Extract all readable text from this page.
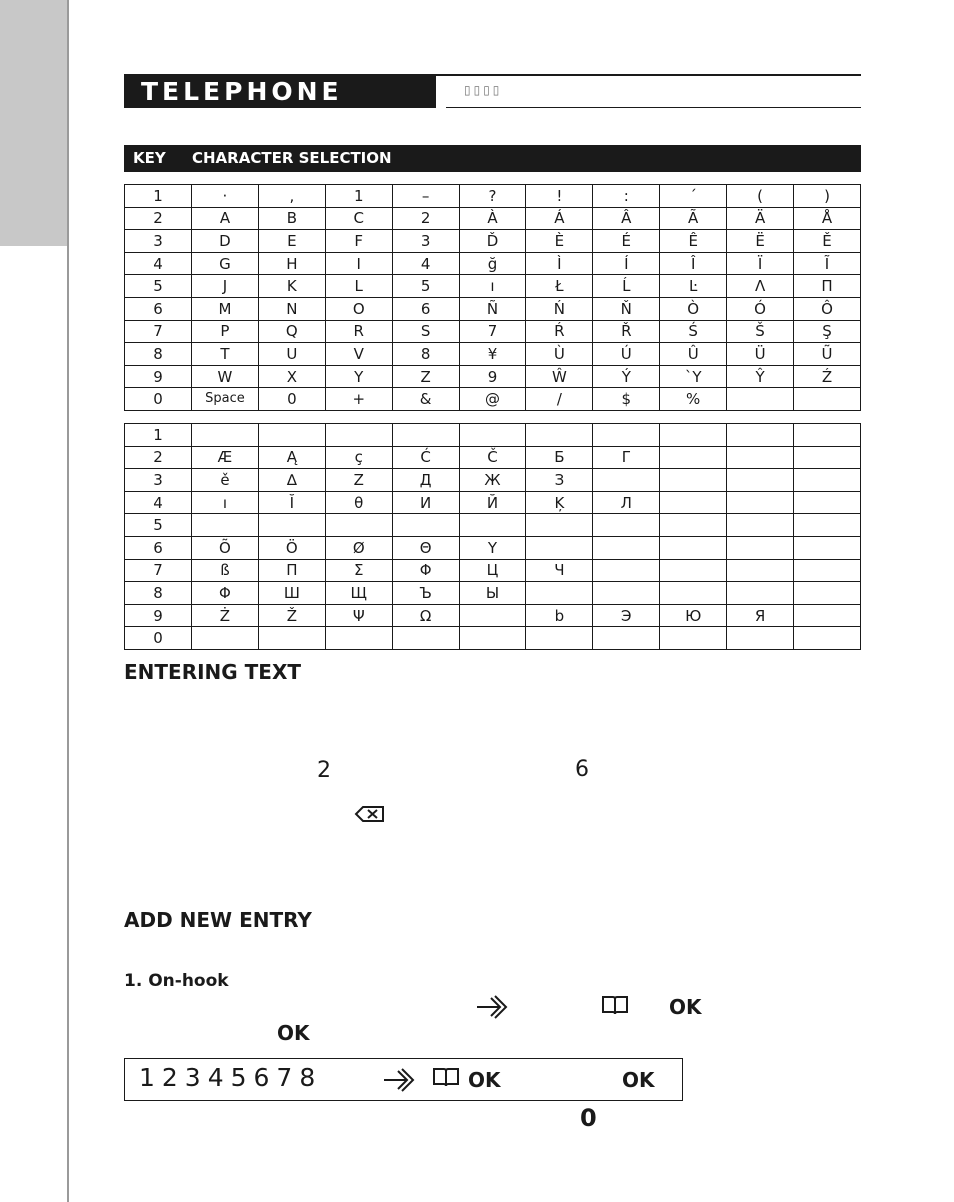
TELEPHONE BOOK
▯▯▯▯
KEY CHARACTER SELECTION
1	·	,	1	–	?	!	:	´	(	)
2	A	B	C	2	À	Á	Â	Ã	Ä	Å
3	D	E	F	3	Ď	È	É	Ê	Ë	Ě
4	G	H	I	4	ğ	Ì	Í	Î	Ï	Ĩ
5	J	K	L	5	ı	Ł	Ĺ	Ŀ	Λ	Π
6	M	N	O	6	Ñ	Ń	Ň	Ò	Ó	Ô
7	P	Q	R	S	7	Ŕ	Ř	Ś	Š	Ş
8	T	U	V	8	¥	Ù	Ú	Û	Ü	Ũ
9	W	X	Y	Z	9	Ŵ	Ý	`Y	Ŷ	Ź
0	Space	0	+	&	@	/	$	%		
1										
2	Æ	Ą	ç	Ć	Č	Б	Г			
3	ě	∆	Z	Д	Ж	З				
4	ı	Ĭ	θ	И	Й	Ķ	Л			
5										
6	Õ	Ö	Ø	Θ	Y					
7	ß	П	Σ	Φ	Ц	Ч				
8	Φ	Ш	Щ	Ъ	Ы					
9	Ż	Ž	Ψ	Ω		b	Э	Ю	Я	
0										
ENTERING TEXT
2	6
ADD NEW ENTRY
1. On-hook
OK
OK
12345678	OK	OK
0
